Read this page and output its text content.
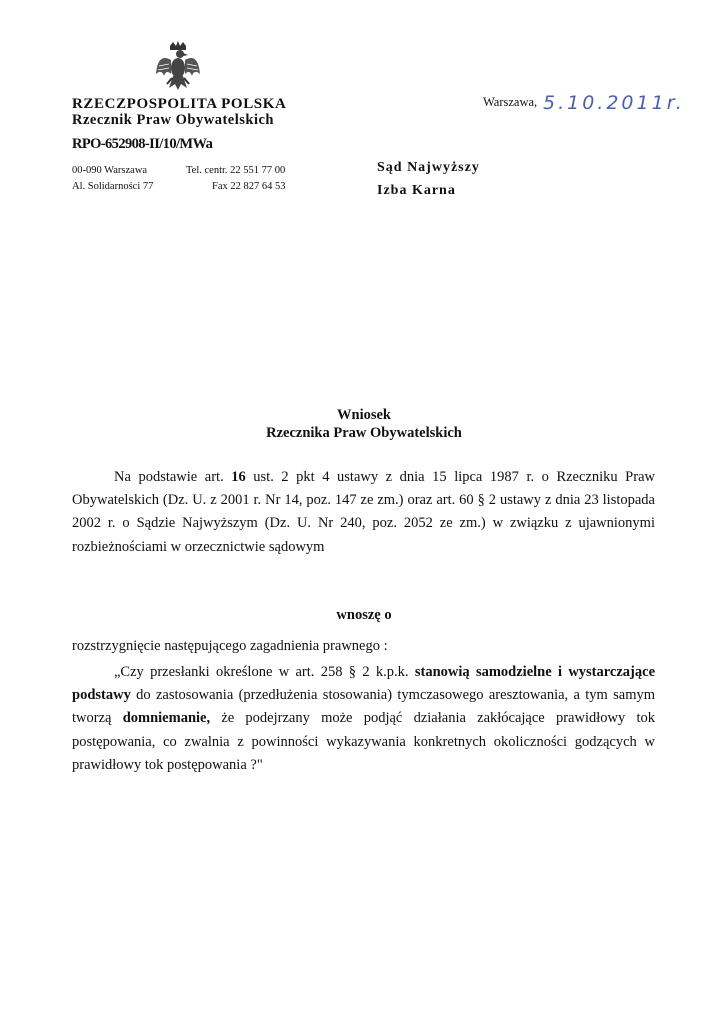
RZECZPOSPOLITA POLSKA
Rzecznik Praw Obywatelskich
RPO-652908-II/10/MWa
00-090 Warszawa
Al. Solidarności 77
Tel. centr. 22 551 77 00
Fax 22 827 64 53
Warszawa, 5.10.2011r.
Sąd Najwyższy
Izba Karna
Wniosek
Rzecznika Praw Obywatelskich
Na podstawie art. 16 ust. 2 pkt 4 ustawy z dnia 15 lipca 1987 r. o Rzeczniku Praw Obywatelskich (Dz. U. z 2001 r. Nr 14, poz. 147 ze zm.) oraz art. 60 § 2 ustawy z dnia 23 listopada 2002 r. o Sądzie Najwyższym (Dz. U. Nr 240, poz. 2052 ze zm.) w związku z ujawnionymi rozbieżnościami w orzecznictwie sądowym
wnoszę o
rozstrzygnięcie następującego zagadnienia prawnego :
„Czy przesłanki określone w art. 258 § 2 k.p.k. stanowią samodzielne i wystarczające podstawy do zastosowania (przedłużenia stosowania) tymczasowego aresztowania, a tym samym tworzą domniemanie, że podejrzany może podjąć działania zakłócające prawidłowy tok postępowania, co zwalnia z powinności wykazywania konkretnych okoliczności godzących w prawidłowy tok postępowania ?"
